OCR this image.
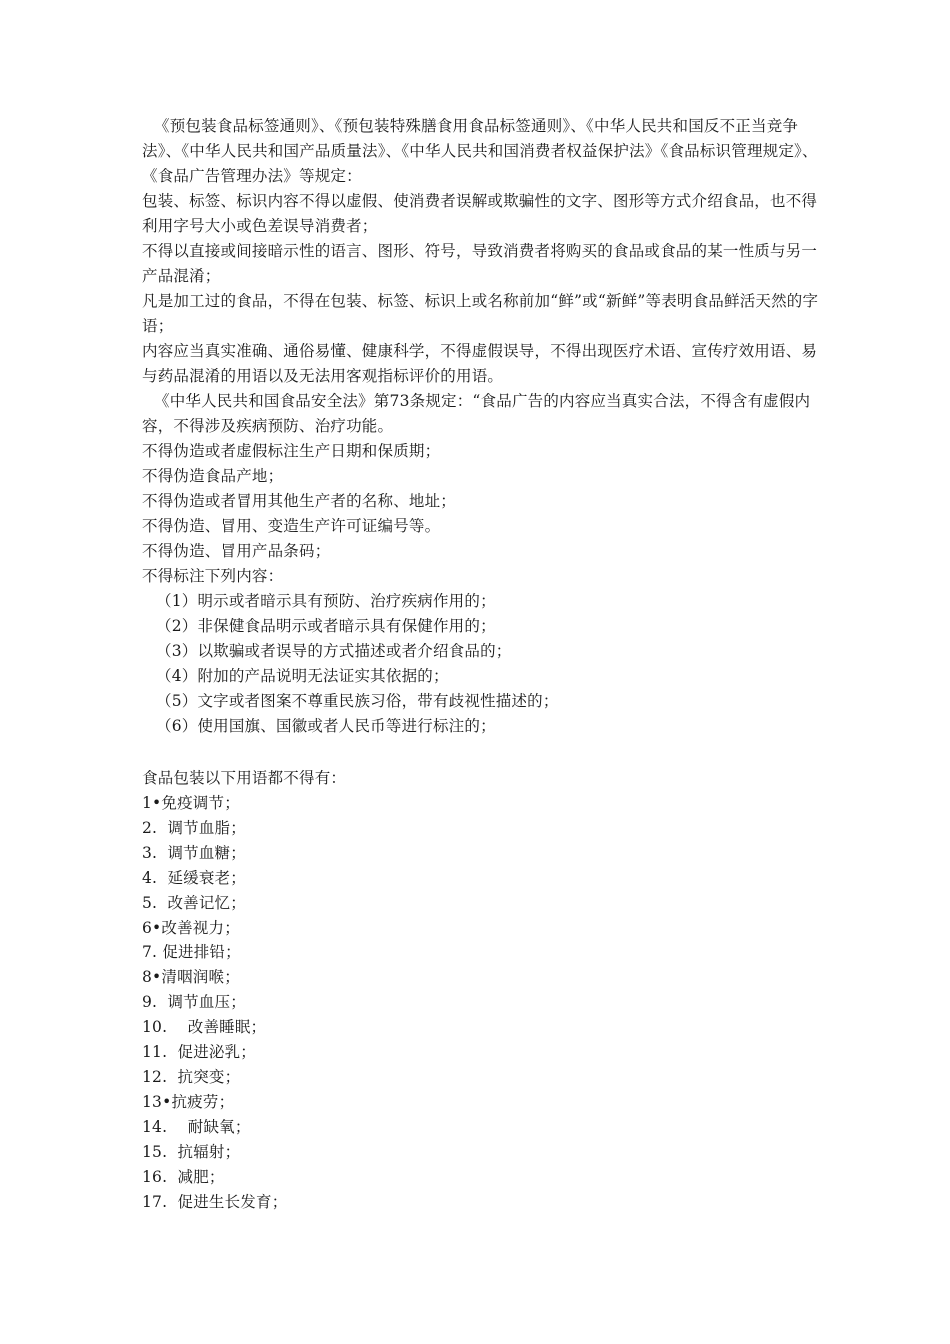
《预包装食品标签通则》、《预包装特殊膳食用食品标签通则》、《中华人民共和国反不正当竞争法》、《中华人民共和国产品质量法》、《中华人民共和国消费者权益保护法》《食品标识管理规定》、《食品广告管理办法》等规定：

包装、标签、标识内容不得以虚假、使消费者误解或欺骗性的文字、图形等方式介绍食品，也不得利用字号大小或色差误导消费者；

不得以直接或间接暗示性的语言、图形、符号，导致消费者将购买的食品或食品的某一性质与另一产品混淆；

凡是加工过的食品，不得在包装、标签、标识上或名称前加“鲜”或“新鲜”等表明食品鲜活天然的字语；

内容应当真实准确、通俗易懂、健康科学，不得虚假误导，不得出现医疗术语、宣传疗效用语、易与药品混淆的用语以及无法用客观指标评价的用语。

《中华人民共和国食品安全法》第73条规定：“食品广告的内容应当真实合法，不得含有虚假内容，不得涉及疾病预防、治疗功能。

不得伪造或者虚假标注生产日期和保质期；

不得伪造食品产地；

不得伪造或者冒用其他生产者的名称、地址；

不得伪造、冒用、变造生产许可证编号等。

不得伪造、冒用产品条码；

不得标注下列内容：

（1）明示或者暗示具有预防、治疗疾病作用的；

（2）非保健食品明示或者暗示具有保健作用的；

（3）以欺骗或者误导的方式描述或者介绍食品的；

（4）附加的产品说明无法证实其依据的；

（5）文字或者图案不尊重民族习俗，带有歧视性描述的；

（6）使用国旗、国徽或者人民币等进行标注的；

食品包装以下用语都不得有：

1•免疫调节；

2.  调节血脂；

3.  调节血糖；

4.  延缓衰老；

5.  改善记忆；

6•改善视力；

7. 促进排铅；

8•清咽润喉；

9.  调节血压；

10.    改善睡眠；

11.  促进泌乳；

12.  抗突变；

13•抗疲劳；

14.    耐缺氧；

15.  抗辐射；

16.  减肥；

17.  促进生长发育；
